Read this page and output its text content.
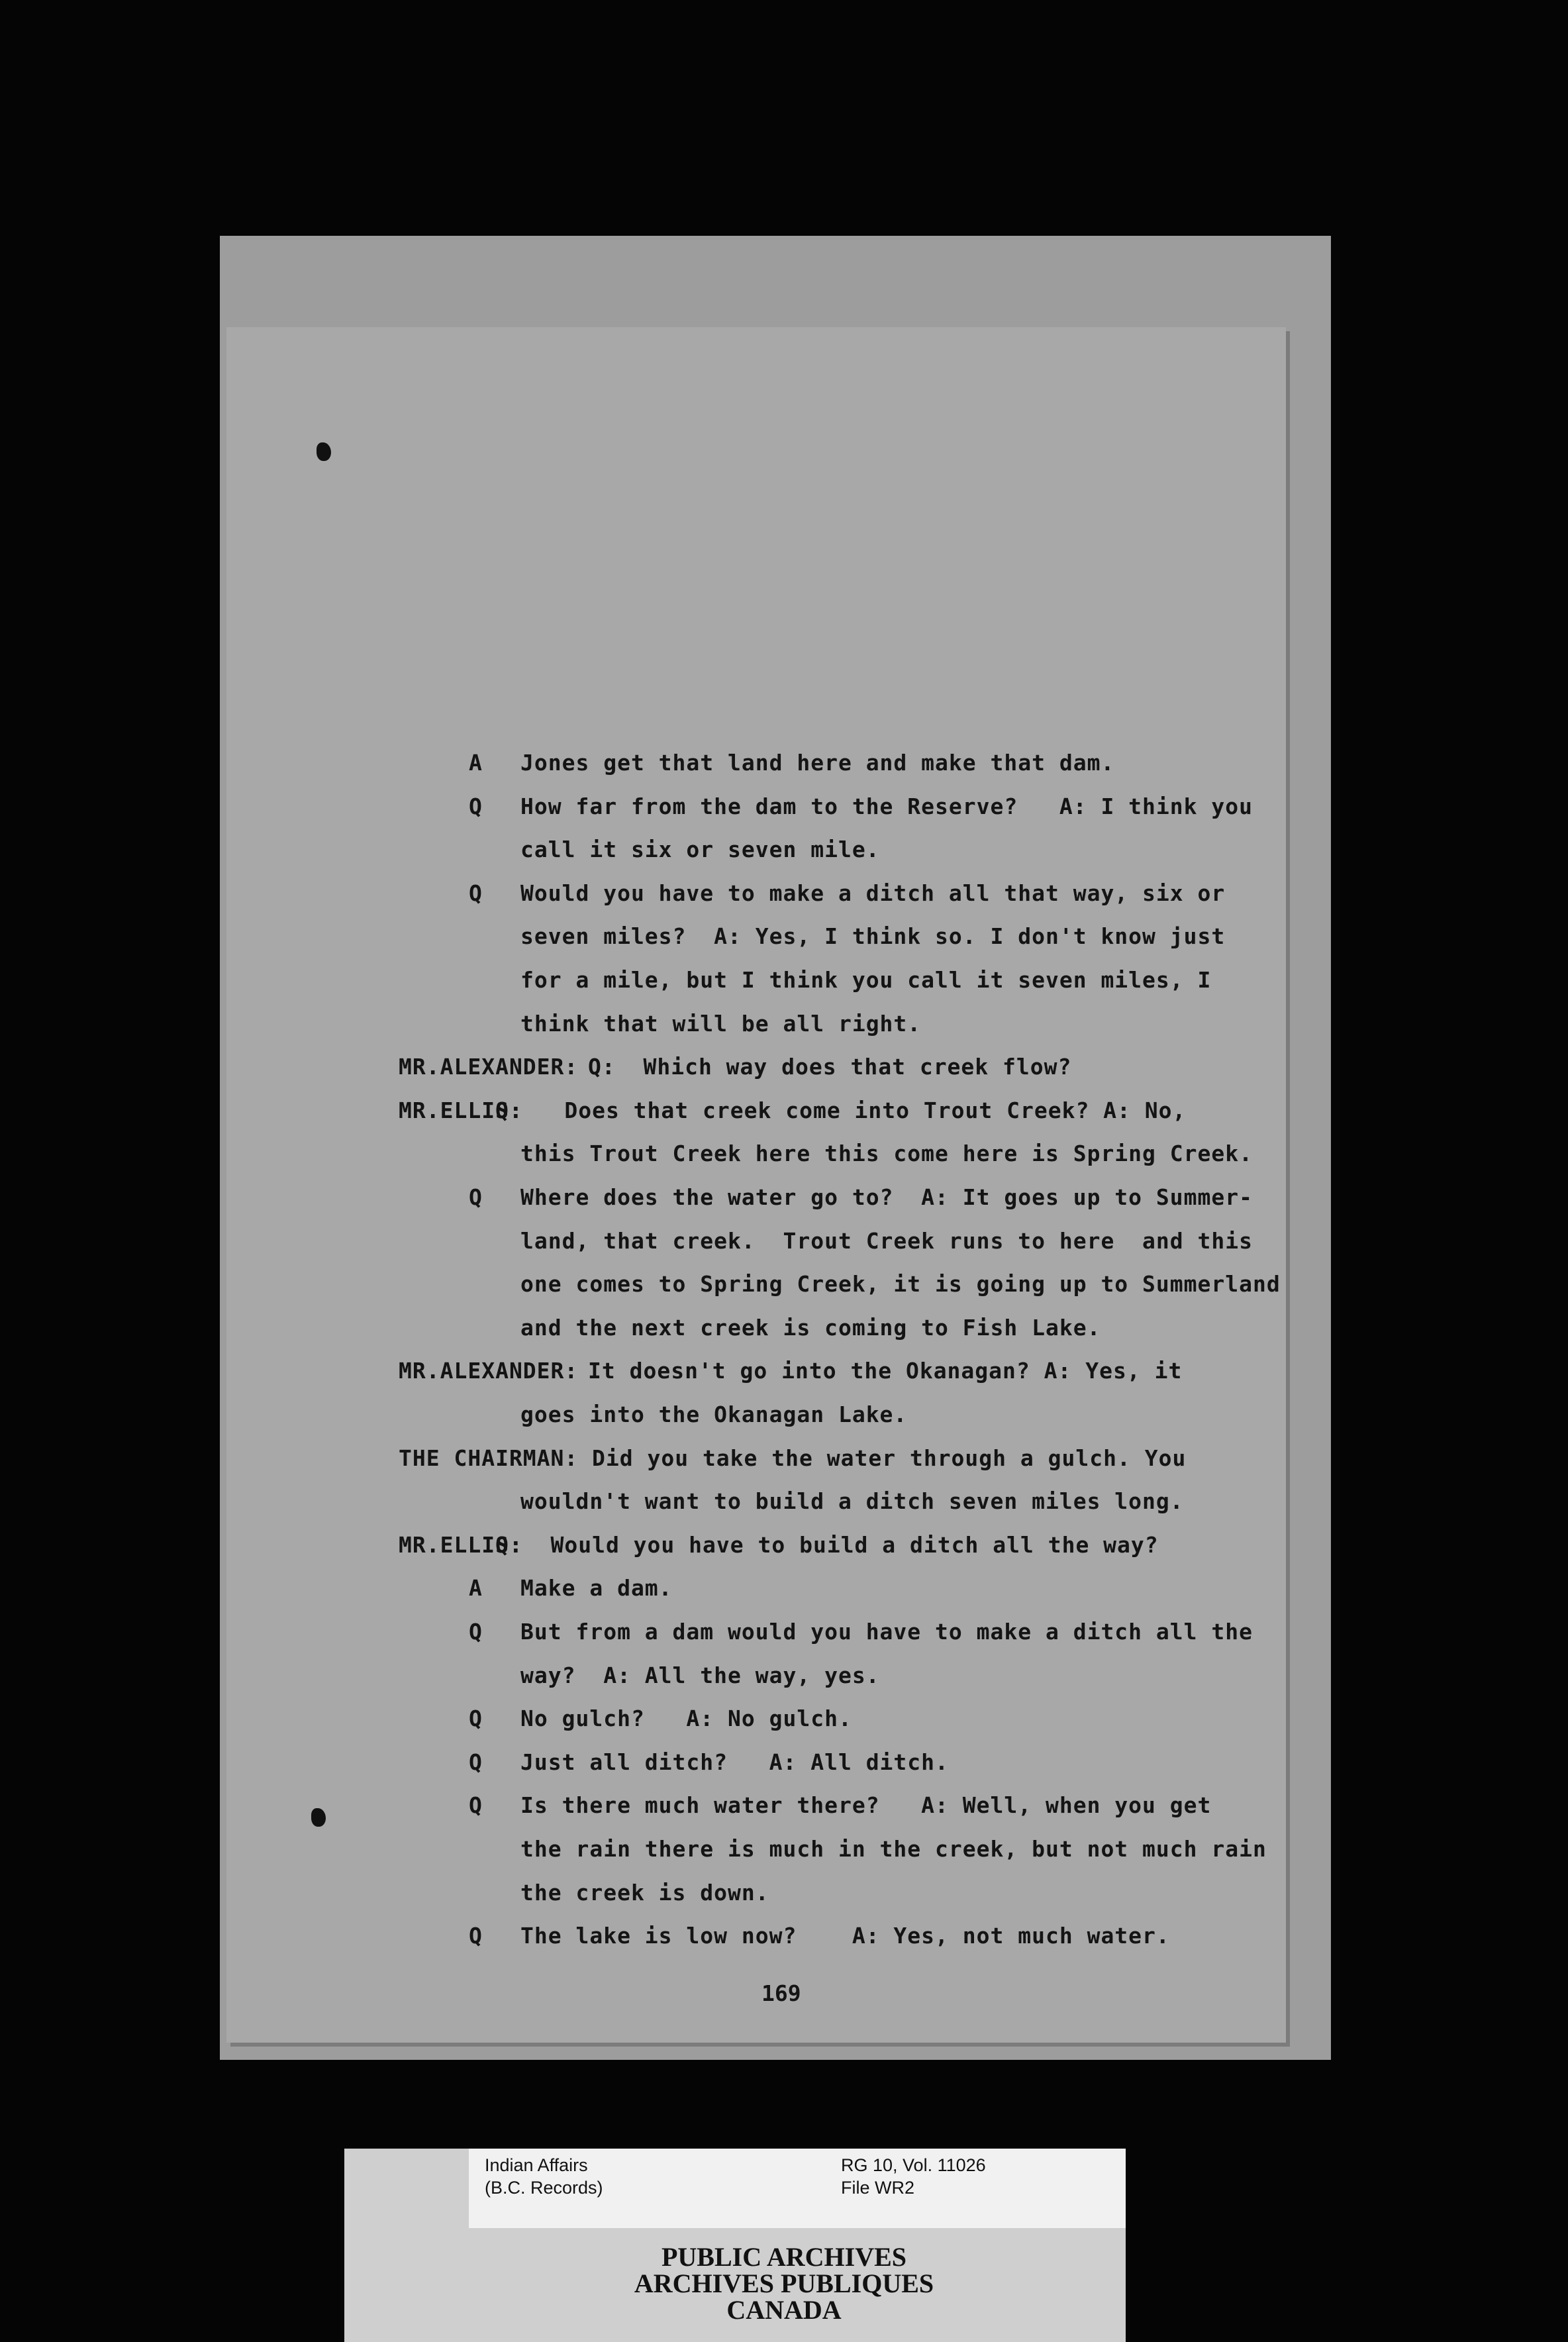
A Jones get that land here and make that dam.
Q How far from the dam to the Reserve?   A: I think you
call it six or seven mile.
Q Would you have to make a ditch all that way, six or
seven miles?  A: Yes, I think so. I don't know just
for a mile, but I think you call it seven miles, I
think that will be all right.
MR.ALEXANDER: Q:  Which way does that creek flow?
MR.ELLIS:
Q:   Does that creek come into Trout Creek? A: No,
this Trout Creek here this come here is Spring Creek.
Q Where does the water go to?  A: It goes up to Summer-
land, that creek.  Trout Creek runs to here  and this
one comes to Spring Creek, it is going up to Summerland
and the next creek is coming to Fish Lake.
MR.ALEXANDER: It doesn't go into the Okanagan? A: Yes, it
goes into the Okanagan Lake.
THE CHAIRMAN: Did you take the water through a gulch. You
wouldn't want to build a ditch seven miles long.
MR.ELLIS:
Q:  Would you have to build a ditch all the way?
A Make a dam.
Q But from a dam would you have to make a ditch all the
way?  A: All the way, yes.
Q No gulch?   A: No gulch.
Q Just all ditch?   A: All ditch.
Q Is there much water there?   A: Well, when you get
the rain there is much in the creek, but not much rain
the creek is down.
Q The lake is low now?    A: Yes, not much water.
169
Indian Affairs
(B.C. Records)
RG 10, Vol. 11026
File WR2
PUBLIC ARCHIVES
ARCHIVES PUBLIQUES
CANADA
